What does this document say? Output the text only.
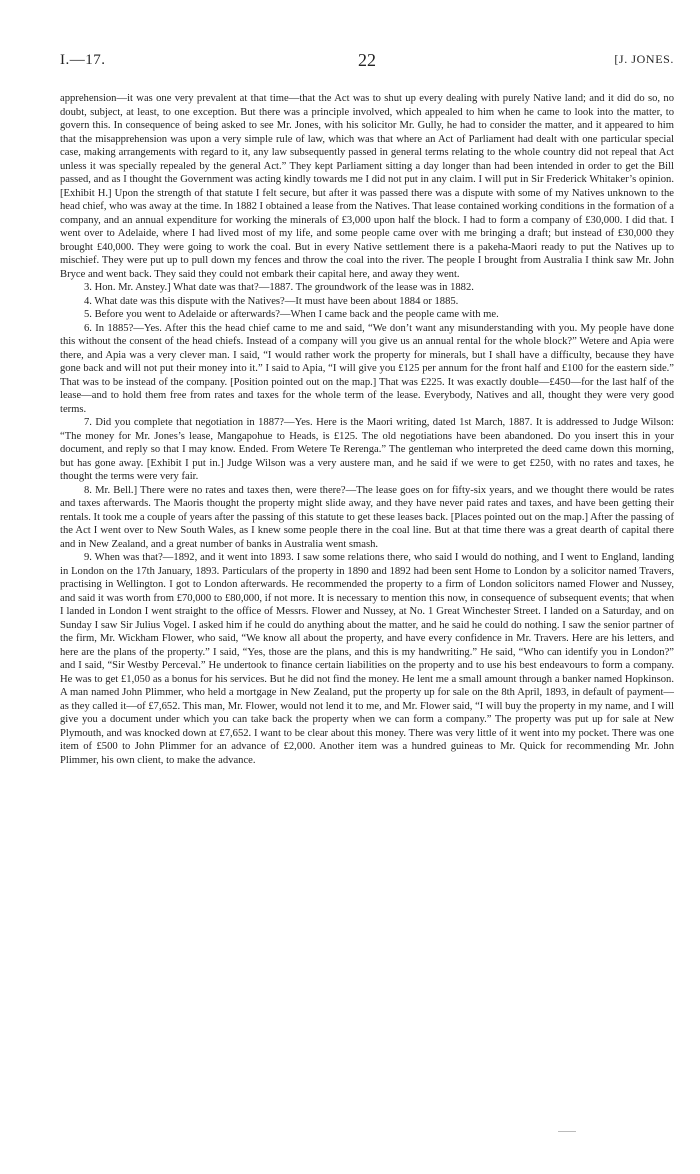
I.—17.	22	[J. JONES.

apprehension—it was one very prevalent at that time—that the Act was to shut up every dealing with purely Native land; and it did do so, no doubt, subject, at least, to one exception. But there was a principle involved, which appealed to him when he came to look into the matter, to govern this. In consequence of being asked to see Mr. Jones, with his solicitor Mr. Gully, he had to consider the matter, and it appeared to him that the misapprehension was upon a very simple rule of law, which was that where an Act of Parliament had dealt with one particular special case, making arrangements with regard to it, any law subsequently passed in general terms relating to the whole country did not repeal that Act unless it was specially repealed by the general Act.” They kept Parliament sitting a day longer than had been intended in order to get the Bill passed, and as I thought the Government was acting kindly towards me I did not put in any claim. I will put in Sir Frederick Whitaker’s opinion. [Exhibit H.] Upon the strength of that statute I felt secure, but after it was passed there was a dispute with some of my Natives unknown to the head chief, who was away at the time. In 1882 I obtained a lease from the Natives. That lease contained working conditions in the formation of a company, and an annual expenditure for working the minerals of £3,000 upon half the block. I had to form a company of £30,000. I did that. I went over to Adelaide, where I had lived most of my life, and some people came over with me bringing a draft; but instead of £30,000 they brought £40,000. They were going to work the coal. But in every Native settlement there is a pakeha-Maori ready to put the Natives up to mischief. They were put up to pull down my fences and throw the coal into the river. The people I brought from Australia I think saw Mr. John Bryce and went back. They said they could not embark their capital here, and away they went.

3. Hon. Mr. Anstey.] What date was that?—1887. The groundwork of the lease was in 1882.

4. What date was this dispute with the Natives?—It must have been about 1884 or 1885.

5. Before you went to Adelaide or afterwards?—When I came back and the people came with me.

6. In 1885?—Yes. After this the head chief came to me and said, “We don’t want any misunderstanding with you. My people have done this without the consent of the head chiefs. Instead of a company will you give us an annual rental for the whole block?” Wetere and Apia were there, and Apia was a very clever man. I said, “I would rather work the property for minerals, but I shall have a difficulty, because they have gone back and will not put their money into it.” I said to Apia, “I will give you £125 per annum for the front half and £100 for the eastern side.” That was to be instead of the company. [Position pointed out on the map.] That was £225. It was exactly double—£450—for the last half of the lease—and to hold them free from rates and taxes for the whole term of the lease. Everybody, Natives and all, thought they were very good terms.

7. Did you complete that negotiation in 1887?—Yes. Here is the Maori writing, dated 1st March, 1887. It is addressed to Judge Wilson: “The money for Mr. Jones’s lease, Mangapohue to Heads, is £125. The old negotiations have been abandoned. Do you insert this in your document, and reply so that I may know. Ended. From Wetere Te Rerenga.” The gentleman who interpreted the deed came down this morning, but has gone away. [Exhibit I put in.] Judge Wilson was a very austere man, and he said if we were to get £250, with no rates and taxes, he thought the terms were very fair.

8. Mr. Bell.] There were no rates and taxes then, were there?—The lease goes on for fifty-six years, and we thought there would be rates and taxes afterwards. The Maoris thought the property might slide away, and they have never paid rates and taxes, and have been getting their rentals. It took me a couple of years after the passing of this statute to get these leases back. [Places pointed out on the map.] After the passing of the Act I went over to New South Wales, as I knew some people there in the coal line. But at that time there was a great dearth of capital there and in New Zealand, and a great number of banks in Australia went smash.

9. When was that?—1892, and it went into 1893. I saw some relations there, who said I would do nothing, and I went to England, landing in London on the 17th January, 1893. Particulars of the property in 1890 and 1892 had been sent Home to London by a solicitor named Travers, practising in Wellington. I got to London afterwards. He recommended the property to a firm of London solicitors named Flower and Nussey, and said it was worth from £70,000 to £80,000, if not more. It is necessary to mention this now, in consequence of subsequent events; that when I landed in London I went straight to the office of Messrs. Flower and Nussey, at No. 1 Great Winchester Street. I landed on a Saturday, and on Sunday I saw Sir Julius Vogel. I asked him if he could do anything about the matter, and he said he could do nothing. I saw the senior partner of the firm, Mr. Wickham Flower, who said, “We know all about the property, and have every confidence in Mr. Travers. Here are his letters, and here are the plans of the property.” I said, “Yes, those are the plans, and this is my handwriting.” He said, “Who can identify you in London?” and I said, “Sir Westby Perceval.” He undertook to finance certain liabilities on the property and to use his best endeavours to form a company. He was to get £1,050 as a bonus for his services. But he did not find the money. He lent me a small amount through a banker named Hopkinson. A man named John Plimmer, who held a mortgage in New Zealand, put the property up for sale on the 8th April, 1893, in default of payment—as they called it—of £7,652. This man, Mr. Flower, would not lend it to me, and Mr. Flower said, “I will buy the property in my name, and I will give you a document under which you can take back the property when we can form a company.” The property was put up for sale at New Plymouth, and was knocked down at £7,652. I want to be clear about this money. There was very little of it went into my pocket. There was one item of £500 to John Plimmer for an advance of £2,000. Another item was a hundred guineas to Mr. Quick for recommending Mr. John Plimmer, his own client, to make the advance.
